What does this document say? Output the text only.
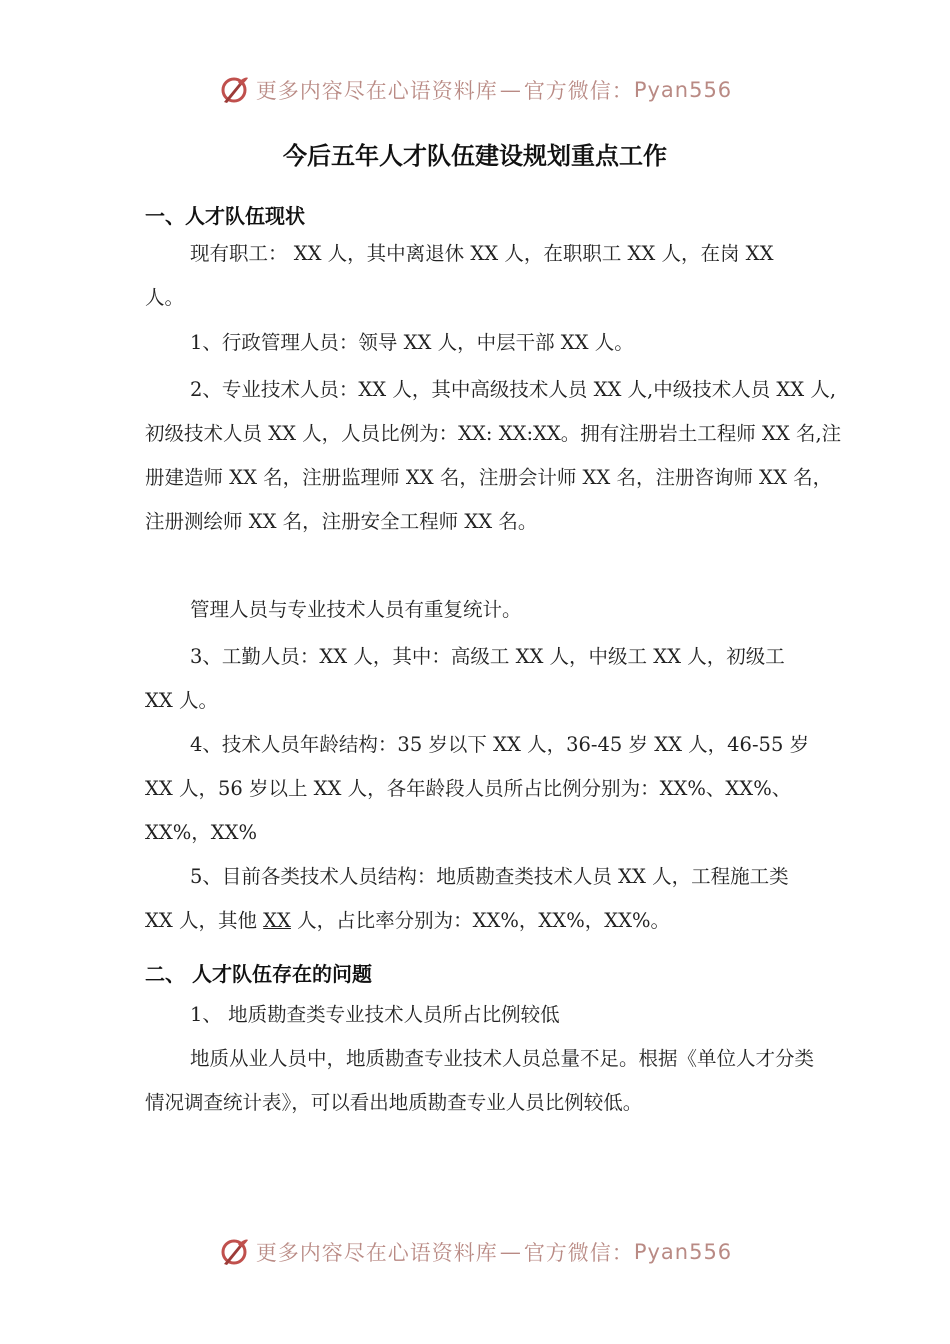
更多内容尽在心语资料库 — 官方微信： Pyan556
今后五年人才队伍建设规划重点工作
一、人才队伍现状

现有职工： XX 人，其中离退休 XX 人，在职职工 XX 人，在岗 XX 人。

1、行政管理人员：领导 XX 人，中层干部 XX 人。

2、专业技术人员：XX 人，其中高级技术人员 XX 人,中级技术人员 XX 人,初级技术人员 XX 人，人员比例为：XX: XX:XX。拥有注册岩土工程师 XX 名,注册建造师 XX 名，注册监理师 XX 名，注册会计师 XX 名，注册咨询师 XX 名，注册测绘师 XX 名，注册安全工程师 XX 名。

管理人员与专业技术人员有重复统计。

3、工勤人员：XX 人，其中：高级工 XX 人，中级工 XX 人，初级工 XX 人。

4、技术人员年龄结构：35 岁以下 XX 人，36-45 岁 XX 人，46-55 岁 XX 人，56 岁以上 XX 人，各年龄段人员所占比例分别为：XX%、XX%、XX%，XX%

5、目前各类技术人员结构：地质勘查类技术人员 XX 人，工程施工类 XX 人，其他 XX 人，占比率分别为：XX%，XX%，XX%。

二、 人才队伍存在的问题

1、 地质勘查类专业技术人员所占比例较低

地质从业人员中，地质勘查专业技术人员总量不足。根据《单位人才分类情况调查统计表》，可以看出地质勘查专业人员比例较低。

更多内容尽在心语资料库 — 官方微信： Pyan556
